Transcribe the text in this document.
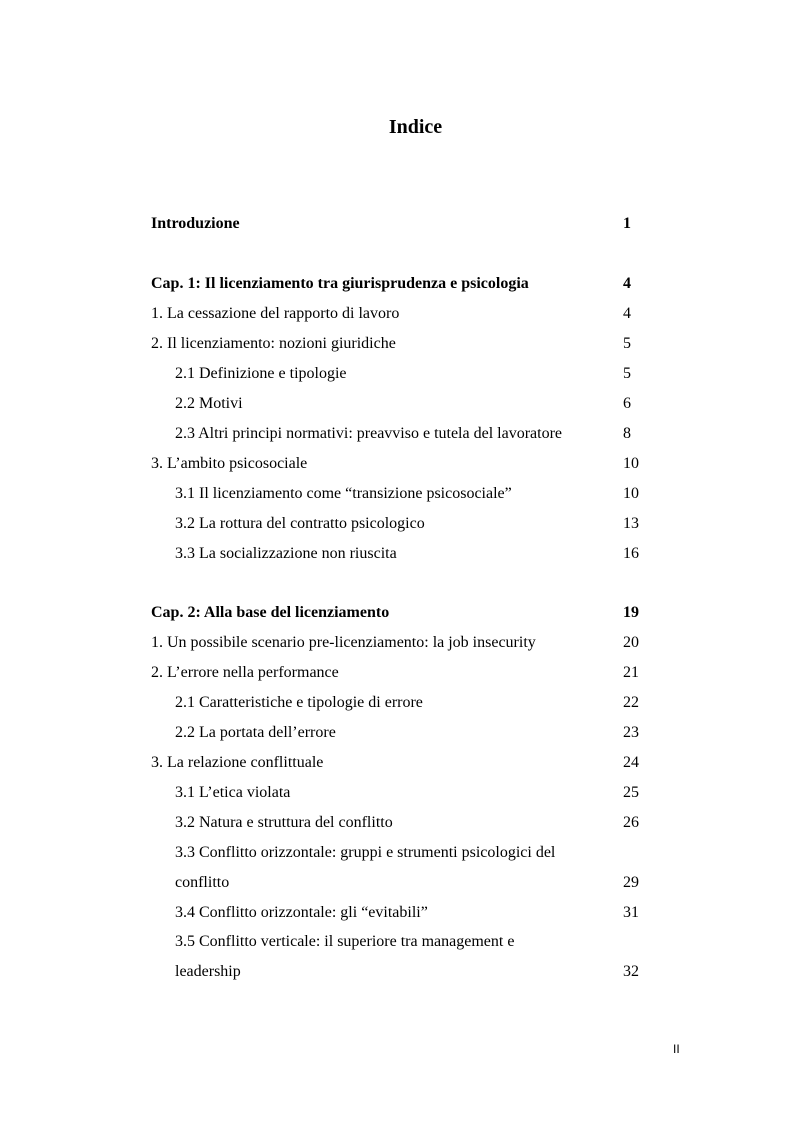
Indice
Introduzione	1
Cap. 1: Il licenziamento tra giurisprudenza e psicologia	4
1. La cessazione del rapporto di lavoro	4
2. Il licenziamento: nozioni giuridiche	5
2.1 Definizione e tipologie	5
2.2 Motivi	6
2.3 Altri principi normativi: preavviso e tutela del lavoratore	8
3. L’ambito psicosociale	10
3.1 Il licenziamento come “transizione psicosociale”	10
3.2 La rottura del contratto psicologico	13
3.3 La socializzazione non riuscita	16
Cap. 2: Alla base del licenziamento	19
1. Un possibile scenario pre-licenziamento: la job insecurity	20
2. L’errore nella performance	21
2.1 Caratteristiche e tipologie di errore	22
2.2 La portata dell’errore	23
3. La relazione conflittuale	24
3.1 L’etica violata	25
3.2 Natura e struttura del conflitto	26
3.3 Conflitto orizzontale: gruppi e strumenti psicologici del
conflitto	29
3.4 Conflitto orizzontale: gli “evitabili”	31
3.5 Conflitto verticale: il superiore tra management e
leadership	32
II
